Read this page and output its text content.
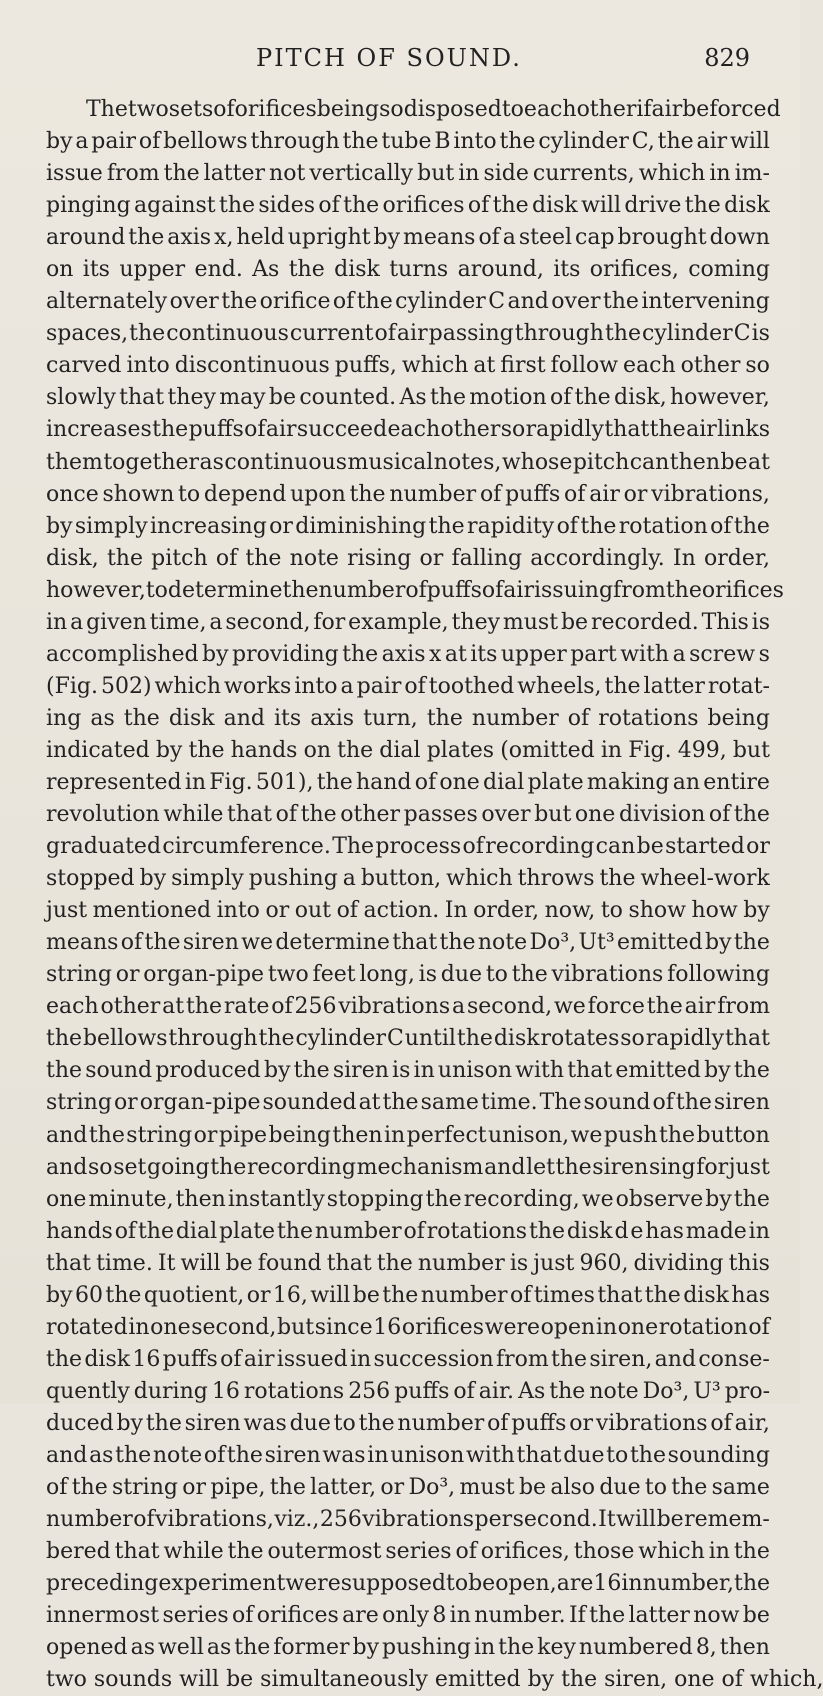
PITCH OF SOUND.	829
The two sets of orifices being so disposed to each other if air be forced
by a pair of bellows through the tube B into the cylinder C, the air will
issue from the latter not vertically but in side currents, which in im-
pinging against the sides of the orifices of the disk will drive the disk
around the axis x, held upright by means of a steel cap brought down
on its upper end. As the disk turns around, its orifices, coming
alternately over the orifice of the cylinder C and over the intervening
spaces, the continuous current of air passing through the cylinder C is
carved into discontinuous puffs, which at first follow each other so
slowly that they may be counted. As the motion of the disk, however,
increases the puffs of air succeed each other so rapidly that the air links
them together as continuous musical notes, whose pitch can then be at
once shown to depend upon the number of puffs of air or vibrations,
by simply increasing or diminishing the rapidity of the rotation of the
disk, the pitch of the note rising or falling accordingly. In order,
however, to determine the number of puffs of air issuing from the orifices
in a given time, a second, for example, they must be recorded. This is
accomplished by providing the axis x at its upper part with a screw s
(Fig. 502) which works into a pair of toothed wheels, the latter rotat-
ing as the disk and its axis turn, the number of rotations being
indicated by the hands on the dial plates (omitted in Fig. 499, but
represented in Fig. 501), the hand of one dial plate making an entire
revolution while that of the other passes over but one division of the
graduated circumference. The process of recording can be started or
stopped by simply pushing a button, which throws the wheel-work
just mentioned into or out of action. In order, now, to show how by
means of the siren we determine that the note Do³, Ut³ emitted by the
string or organ-pipe two feet long, is due to the vibrations following
each other at the rate of 256 vibrations a second, we force the air from
the bellows through the cylinder C until the disk rotates so rapidly that
the sound produced by the siren is in unison with that emitted by the
string or organ-pipe sounded at the same time. The sound of the siren
and the string or pipe being then in perfect unison, we push the button
and so set going the recording mechanism and let the siren sing for just
one minute, then instantly stopping the recording, we observe by the
hands of the dial plate the number of rotations the disk d e has made in
that time. It will be found that the number is just 960, dividing this
by 60 the quotient, or 16, will be the number of times that the disk has
rotated in one second, but since 16 orifices were open in one rotation of
the disk 16 puffs of air issued in succession from the siren, and conse-
quently during 16 rotations 256 puffs of air. As the note Do³, U³ pro-
duced by the siren was due to the number of puffs or vibrations of air,
and as the note of the siren was in unison with that due to the sounding
of the string or pipe, the latter, or Do³, must be also due to the same
number of vibrations, viz., 256 vibrations per second. It will be remem-
bered that while the outermost series of orifices, those which in the
preceding experiment were supposed to be open, are 16 in number, the
innermost series of orifices are only 8 in number. If the latter now be
opened as well as the former by pushing in the key numbered 8, then
two sounds will be simultaneously emitted by the siren, one of which,
